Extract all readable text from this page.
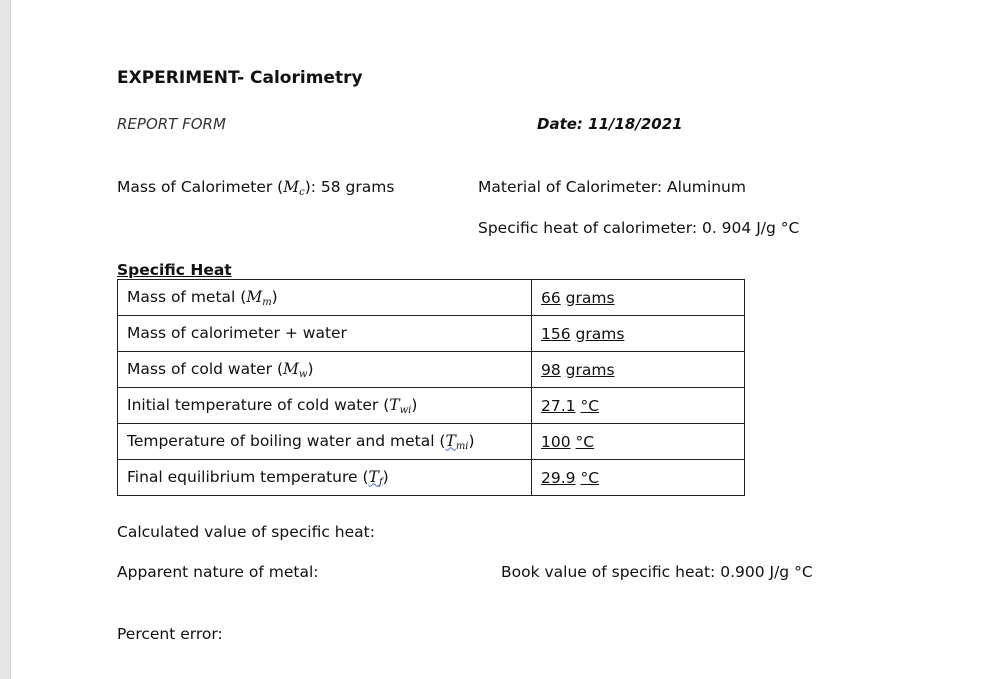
EXPERIMENT- Calorimetry
REPORT FORM	Date: 11/18/2021
Mass of Calorimeter $(M_c)$: 58 grams	Material of Calorimeter: Aluminum
Specific heat of calorimeter: 0. 904 J/g °C
Specific Heat
Mass of metal $(M_m)$	66 grams
Mass of calorimeter + water	156 grams
Mass of cold water $(M_w)$	98 grams
Initial temperature of cold water $(T_{wi})$	27.1 °C
Temperature of boiling water and metal $(T_{mi})$	100 °C
Final equilibrium temperature $(T_f)$	29.9 °C
Calculated value of specific heat:
Apparent nature of metal:	Book value of specific heat: 0.900 J/g °C
Percent error:
